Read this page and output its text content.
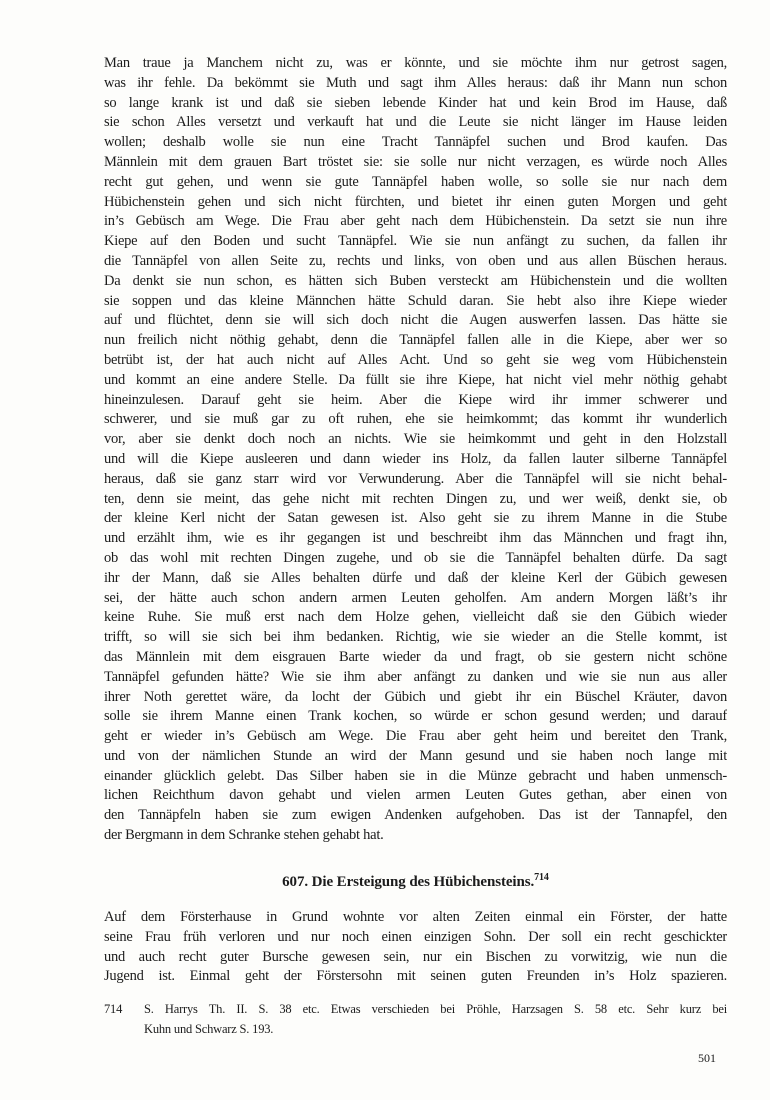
Man traue ja Manchem nicht zu, was er könnte, und sie möchte ihm nur getrost sagen,
was ihr fehle. Da bekömmt sie Muth und sagt ihm Alles heraus: daß ihr Mann nun schon
so lange krank ist und daß sie sieben lebende Kinder hat und kein Brod im Hause, daß
sie schon Alles versetzt und verkauft hat und die Leute sie nicht länger im Hause leiden
wollen; deshalb wolle sie nun eine Tracht Tannäpfel suchen und Brod kaufen. Das
Männlein mit dem grauen Bart tröstet sie: sie solle nur nicht verzagen, es würde noch Alles
recht gut gehen, und wenn sie gute Tannäpfel haben wolle, so solle sie nur nach dem
Hübichenstein gehen und sich nicht fürchten, und bietet ihr einen guten Morgen und geht
in’s Gebüsch am Wege. Die Frau aber geht nach dem Hübichenstein. Da setzt sie nun ihre
Kiepe auf den Boden und sucht Tannäpfel. Wie sie nun anfängt zu suchen, da fallen ihr
die Tannäpfel von allen Seite zu, rechts und links, von oben und aus allen Büschen heraus.
Da denkt sie nun schon, es hätten sich Buben versteckt am Hübichenstein und die wollten
sie soppen und das kleine Männchen hätte Schuld daran. Sie hebt also ihre Kiepe wieder
auf und flüchtet, denn sie will sich doch nicht die Augen auswerfen lassen. Das hätte sie
nun freilich nicht nöthig gehabt, denn die Tannäpfel fallen alle in die Kiepe, aber wer so
betrübt ist, der hat auch nicht auf Alles Acht. Und so geht sie weg vom Hübichenstein
und kommt an eine andere Stelle. Da füllt sie ihre Kiepe, hat nicht viel mehr nöthig gehabt
hineinzulesen. Darauf geht sie heim. Aber die Kiepe wird ihr immer schwerer und
schwerer, und sie muß gar zu oft ruhen, ehe sie heimkommt; das kommt ihr wunderlich
vor, aber sie denkt doch noch an nichts. Wie sie heimkommt und geht in den Holzstall
und will die Kiepe ausleeren und dann wieder ins Holz, da fallen lauter silberne Tannäpfel
heraus, daß sie ganz starr wird vor Verwunderung. Aber die Tannäpfel will sie nicht behal-
ten, denn sie meint, das gehe nicht mit rechten Dingen zu, und wer weiß, denkt sie, ob
der kleine Kerl nicht der Satan gewesen ist. Also geht sie zu ihrem Manne in die Stube
und erzählt ihm, wie es ihr gegangen ist und beschreibt ihm das Männchen und fragt ihn,
ob das wohl mit rechten Dingen zugehe, und ob sie die Tannäpfel behalten dürfe. Da sagt
ihr der Mann, daß sie Alles behalten dürfe und daß der kleine Kerl der Gübich gewesen
sei, der hätte auch schon andern armen Leuten geholfen. Am andern Morgen läßt’s ihr
keine Ruhe. Sie muß erst nach dem Holze gehen, vielleicht daß sie den Gübich wieder
trifft, so will sie sich bei ihm bedanken. Richtig, wie sie wieder an die Stelle kommt, ist
das Männlein mit dem eisgrauen Barte wieder da und fragt, ob sie gestern nicht schöne
Tannäpfel gefunden hätte? Wie sie ihm aber anfängt zu danken und wie sie nun aus aller
ihrer Noth gerettet wäre, da locht der Gübich und giebt ihr ein Büschel Kräuter, davon
solle sie ihrem Manne einen Trank kochen, so würde er schon gesund werden; und darauf
geht er wieder in’s Gebüsch am Wege. Die Frau aber geht heim und bereitet den Trank,
und von der nämlichen Stunde an wird der Mann gesund und sie haben noch lange mit
einander glücklich gelebt. Das Silber haben sie in die Münze gebracht und haben unmensch-
lichen Reichthum davon gehabt und vielen armen Leuten Gutes gethan, aber einen von
den Tannäpfeln haben sie zum ewigen Andenken aufgehoben. Das ist der Tannapfel, den
der Bergmann in dem Schranke stehen gehabt hat.
607. Die Ersteigung des Hübichensteins.$^{714}$
Auf dem Försterhause in Grund wohnte vor alten Zeiten einmal ein Förster, der hatte
seine Frau früh verloren und nur noch einen einzigen Sohn. Der soll ein recht geschickter
und auch recht guter Bursche gewesen sein, nur ein Bischen zu vorwitzig, wie nun die
Jugend ist. Einmal geht der Förstersohn mit seinen guten Freunden in’s Holz spazieren.
714 S. Harrys Th. II. S. 38 etc. Etwas verschieden bei Pröhle, Harzsagen S. 58 etc. Sehr kurz bei
Kuhn und Schwarz S. 193.
501
